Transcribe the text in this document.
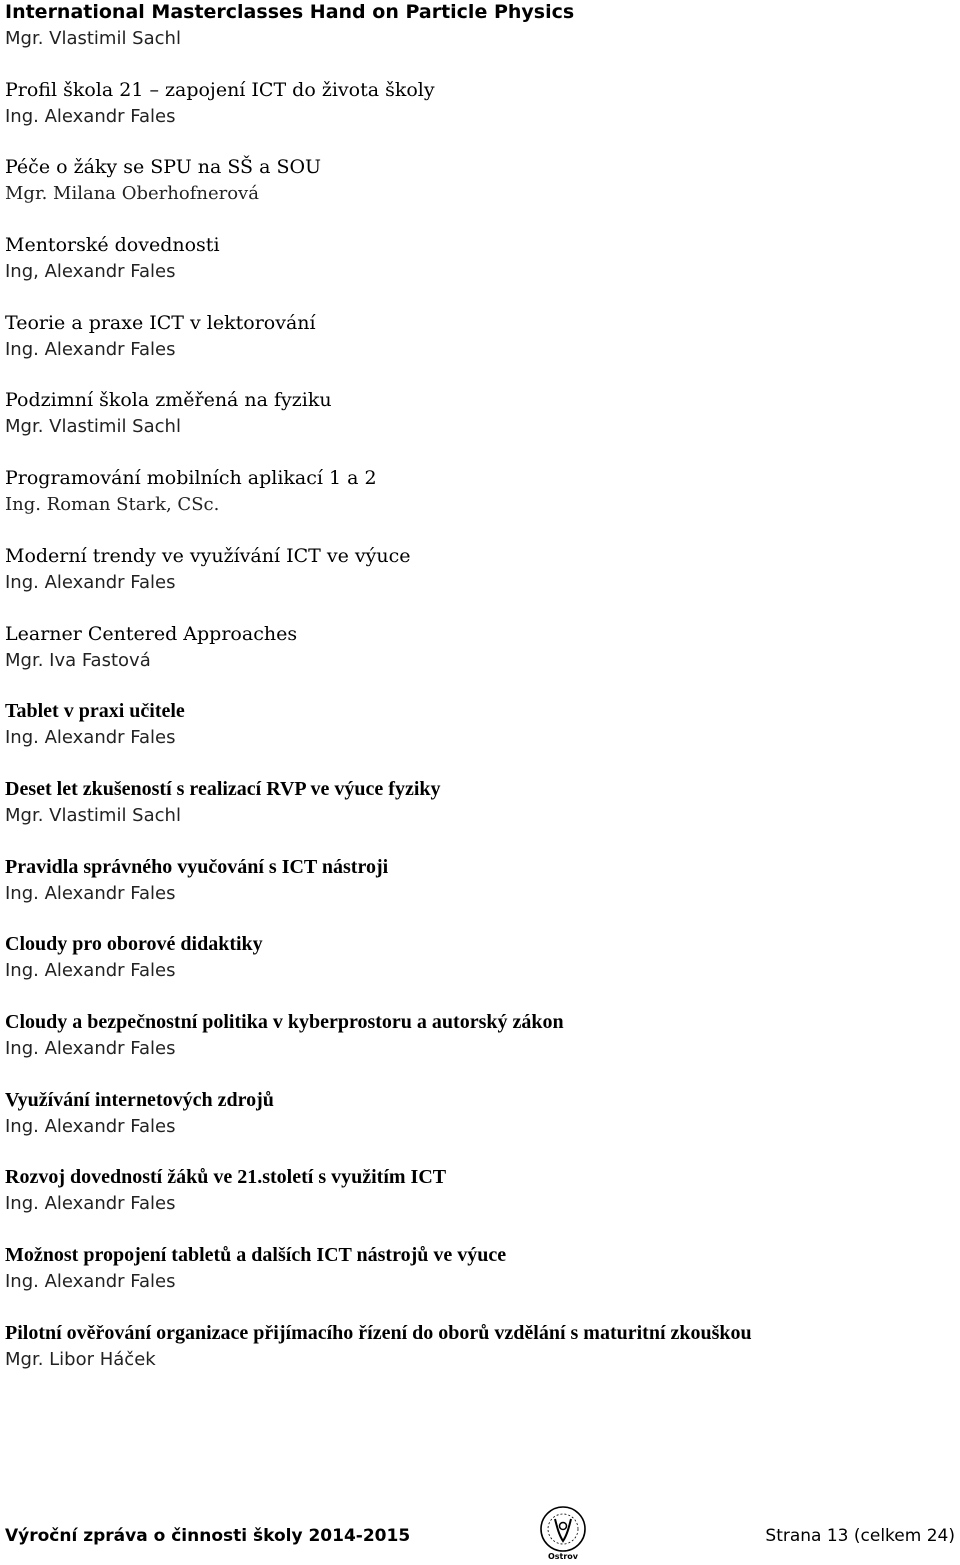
International Masterclasses Hand on Particle Physics
Mgr. Vlastimil Sachl
Profil škola 21 – zapojení ICT do života školy
Ing. Alexandr Fales
Péče o žáky se SPU na SŠ a SOU
Mgr. Milana Oberhofnerová
Mentorské dovednosti
Ing, Alexandr Fales
Teorie a praxe ICT v lektorování
Ing. Alexandr Fales
Podzimní škola změřená na fyziku
Mgr. Vlastimil Sachl
Programování mobilních aplikací 1 a 2
Ing. Roman Stark, CSc.
Moderní trendy ve využívání ICT ve výuce
Ing. Alexandr Fales
Learner Centered Approaches
Mgr. Iva Fastová
Tablet v praxi učitele
Ing. Alexandr Fales
Deset let zkušeností s realizací RVP ve výuce fyziky
Mgr. Vlastimil Sachl
Pravidla správného vyučování s ICT nástroji
Ing. Alexandr Fales
Cloudy pro oborové didaktiky
Ing. Alexandr Fales
Cloudy a bezpečnostní politika v kyberprostoru a autorský zákon
Ing. Alexandr Fales
Využívání internetových zdrojů
Ing. Alexandr Fales
Rozvoj dovedností žáků ve 21.století s využitím ICT
Ing. Alexandr Fales
Možnost propojení tabletů a dalších ICT nástrojů ve výuce
Ing. Alexandr Fales
Pilotní ověřování organizace přijímacího řízení do oborů vzdělání s maturitní zkouškou
Mgr. Libor Háček
Výroční zpráva o činnosti školy 2014-2015
Ostrov
Strana 13 (celkem 24)
